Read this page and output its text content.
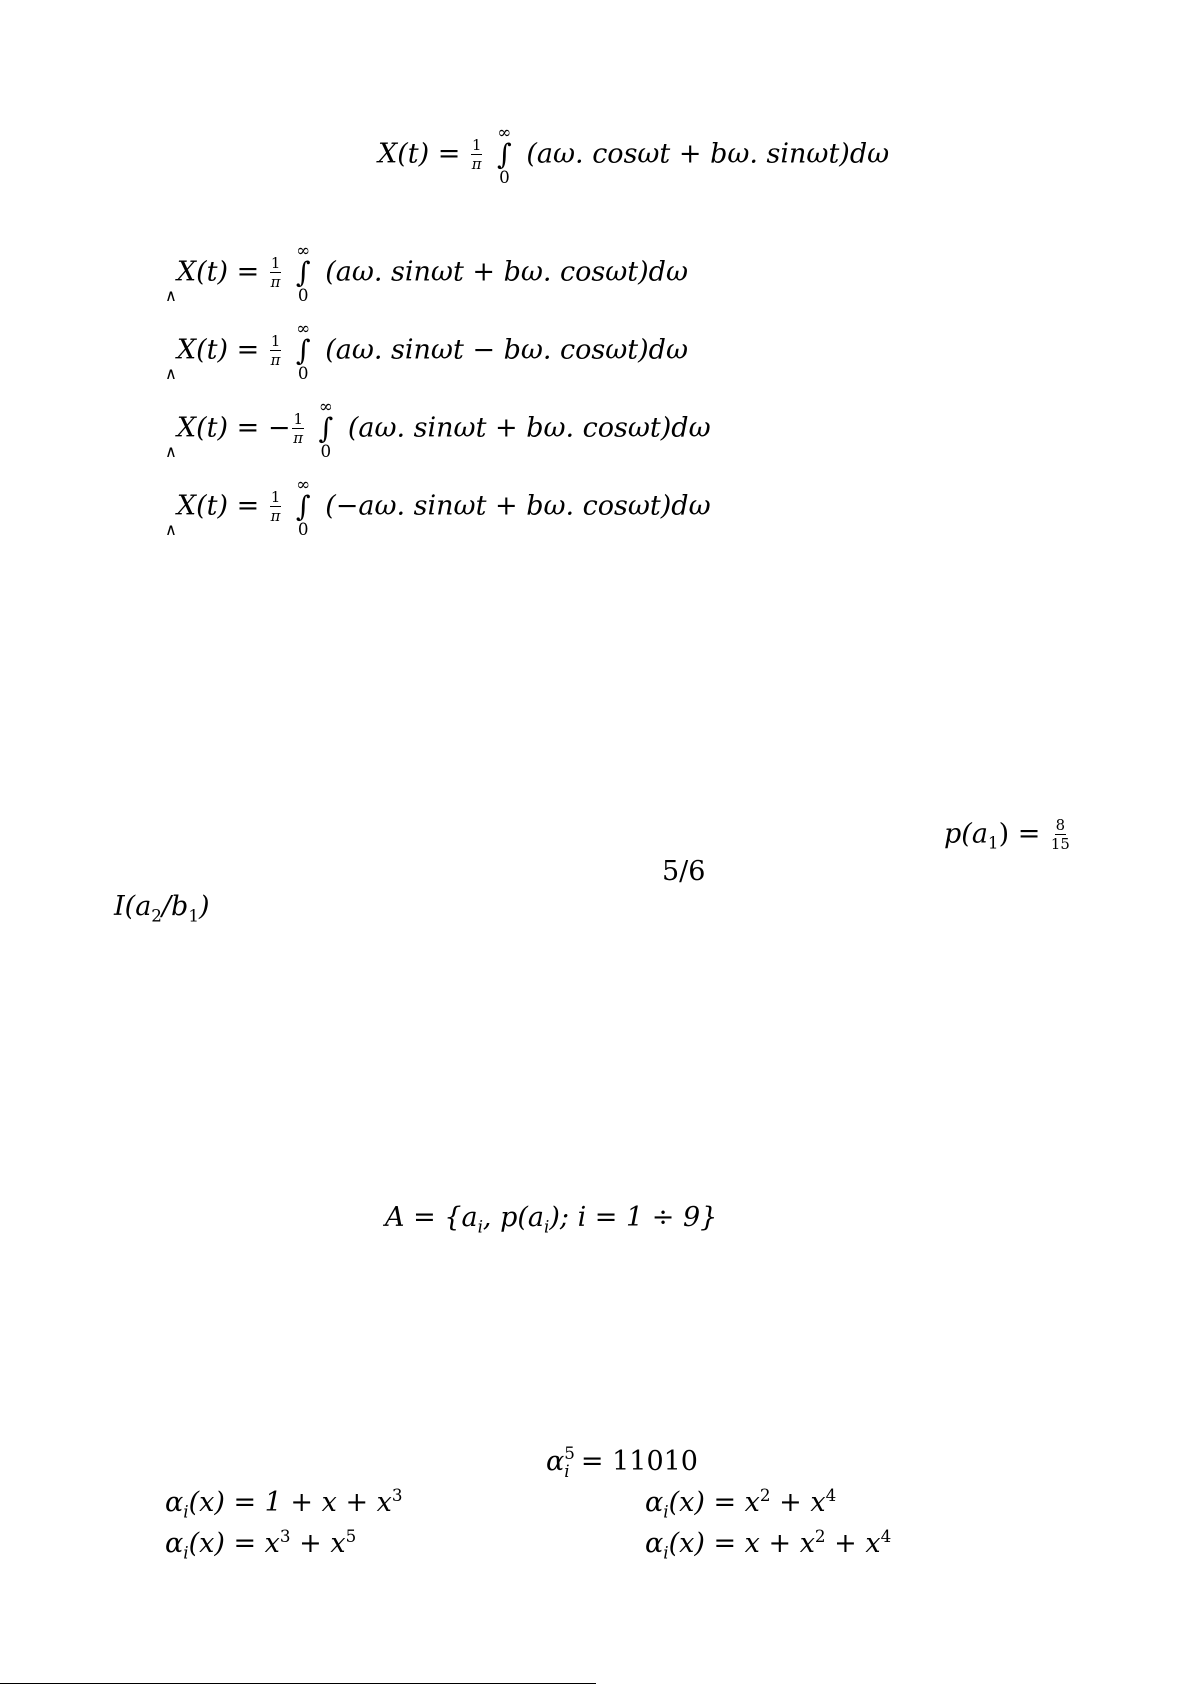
$X(t) = \frac{1}{\pi}$

∞
∫
0
(aω. cosωt + bω. sinωt)dω
∧
$X(t) = \frac{1}{\pi}$

∞
∫
0
(aω. sinωt + bω. cosωt)dω
∧
$X(t) = \frac{1}{\pi}$

∞
∫
0
(aω. sinωt − bω. cosωt)dω
∧
X(t) = − $\frac{1}{\pi}$

∞
∫
0
(aω. sinωt + bω. cosωt)dω
∧
$X(t) = \frac{1}{\pi}$

∞
∫
0
(−aω. sinωt + bω. cosωt)dω
$p(a_1) = \frac{8}{15}$
5/6
$I(a_2/b_1)$
$A = \{a_i$, $p(a_i)$; i = 1 ÷ 9}
α 5
i = 11010
$\alpha_i(x) = 1 + x + x^3$	$\alpha_i(x) = x^2 + x^4$
$\alpha_i(x) = x^3 + x^5$	$\alpha_i(x) = x + x^2 + x^4$
